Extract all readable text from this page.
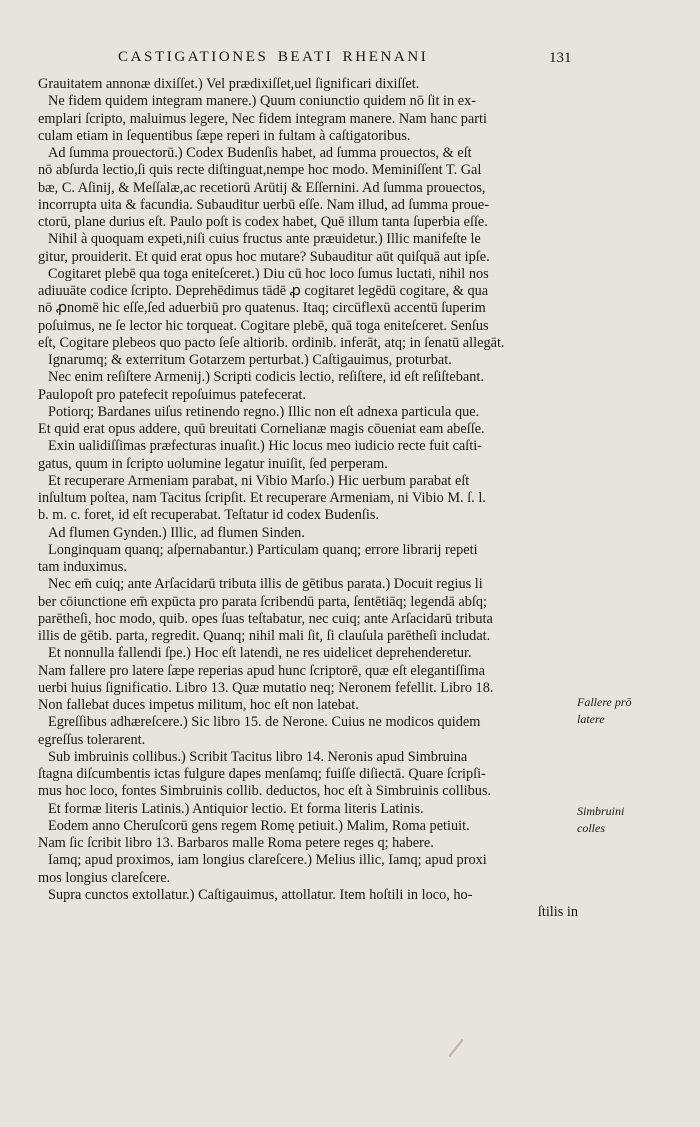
CASTIGATIONES BEATI RHENANI	131
Grauitatem annonæ dixiſſet.) Vel prædixiſſet,uel ſignificari dixiſſet.
Ne fidem quidem integram manere.) Quum coniunctio quidem nō ſit in ex-
emplari ſcripto, maluimus legere, Nec fidem integram manere. Nam hanc parti
culam etiam in ſequentibus ſæpe reperi in fultam à caſtigatoribus.
Ad ſumma prouectorū.) Codex Budenſis habet, ad ſumma prouectos, & eſt
nō abſurda lectio,ſi quis recte diſtinguat,nempe hoc modo. Meminiſſent T. Gal
bæ, C. Aſinij, & Meſſalæ,ac recetiorū Arūtij & Eſſernini. Ad ſumma prouectos,
incorrupta uita & facundia. Subauditur uerbū eſſe. Nam illud, ad ſumma proue-
ctorū, plane durius eſt. Paulo poſt is codex habet, Quē illum tanta ſuperbia eſſe.
Nihil à quoquam expeti,niſi cuius fructus ante præuidetur.) Illic manifeſte le
gitur, prouiderit. Et quid erat opus hoc mutare? Subauditur aūt quiſquā aut ipſe.
Cogitaret plebē qua toga eniteſceret.) Diu cū hoc loco ſumus luctati, nihil nos
adiuuāte codice ſcripto. Deprehēdimus tādē ꝓ cogitaret legēdū cogitare, & qua
nō ꝓnomē hic eſſe,ſed aduerbiū pro quatenus. Itaq; circūflexū accentū ſuperim
poſuimus, ne ſe lector hic torqueat. Cogitare plebē, quā toga eniteſceret. Senſus
eſt, Cogitare plebeos quo pacto ſeſe altiorib. ordinib. inferāt, atq; in ſenatū allegāt.
Ignarumq; & exterritum Gotarzem perturbat.) Caſtigauimus, proturbat.
Nec enim reſiſtere Armenij.) Scripti codicis lectio, reſiſtere, id eſt reſiſtebant.
Paulopoſt pro patefecit repoſuimus patefecerat.
Potiorq; Bardanes uiſus retinendo regno.) Illic non eſt adnexa particula que.
Et quid erat opus addere, quū breuitati Cornelianæ magis cōueniat eam abeſſe.
Exin ualidiſſimas præfecturas inuaſit.) Hic locus meo iudicio recte fuit caſti-
gatus, quum in ſcripto uolumine legatur inuiſit, ſed perperam.
Et recuperare Armeniam parabat, ni Vibio Marſo.) Hic uerbum parabat eſt
inſultum poſtea, nam Tacitus ſcripſit. Et recuperare Armeniam, ni Vibio M. ſ. l.
b. m. c. foret, id eſt recuperabat. Teſtatur id codex Budenſis.
Ad flumen Gynden.) Illic, ad flumen Sinden.
Longinquam quanq; aſpernabantur.) Particulam quanq; errore librarij repeti
tam induximus.
Nec em̄ cuiq; ante Arſacidarū tributa illis de gētibus parata.) Docuit regius li
ber cōiunctione em̄ expūcta pro parata ſcribendū parta, ſentētiāq; legendā abſq;
parētheſi, hoc modo, quib. opes ſuas teſtabatur, nec cuiq; ante Arſacidarū tributa
illis de gētib. parta, regredit. Quanq; nihil mali ſit, ſi clauſula parētheſi includat.
Et nonnulla fallendi ſpe.) Hoc eſt latendi, ne res uidelicet deprehenderetur.
Nam fallere pro latere ſæpe reperias apud hunc ſcriptorē, quæ eſt elegantiſſima
uerbi huius ſignificatio. Libro 13. Quæ mutatio neq; Neronem fefellit. Libro 18.
Non fallebat duces impetus militum, hoc eſt non latebat.
Egreſſibus adhæreſcere.) Sic libro 15. de Nerone. Cuius ne modicos quidem
egreſſus tolerarent.
Sub imbruinis collibus.) Scribit Tacitus libro 14. Neronis apud Simbruina
ſtagna diſcumbentis ictas fulgure dapes menſamq; fuiſſe diſiectā. Quare ſcripſi-
mus hoc loco, fontes Simbruinis collib. deductos, hoc eſt à Simbruinis collibus.
Et formæ literis Latinis.) Antiquior lectio. Et forma literis Latinis.
Eodem anno Cheruſcorū gens regem Romę petiuit.) Malim, Roma petiuit.
Nam ſic ſcribit libro 13. Barbaros malle Roma petere reges q; habere.
Iamq; apud proximos, iam longius clareſcere.) Melius illic, Iamq; apud proxi
mos longius clareſcere.
Supra cunctos extollatur.) Caſtigauimus, attollatur. Item hoſtili in loco, ho-
ſtilis in
Fallere prō
latere
Simbruini
colles
